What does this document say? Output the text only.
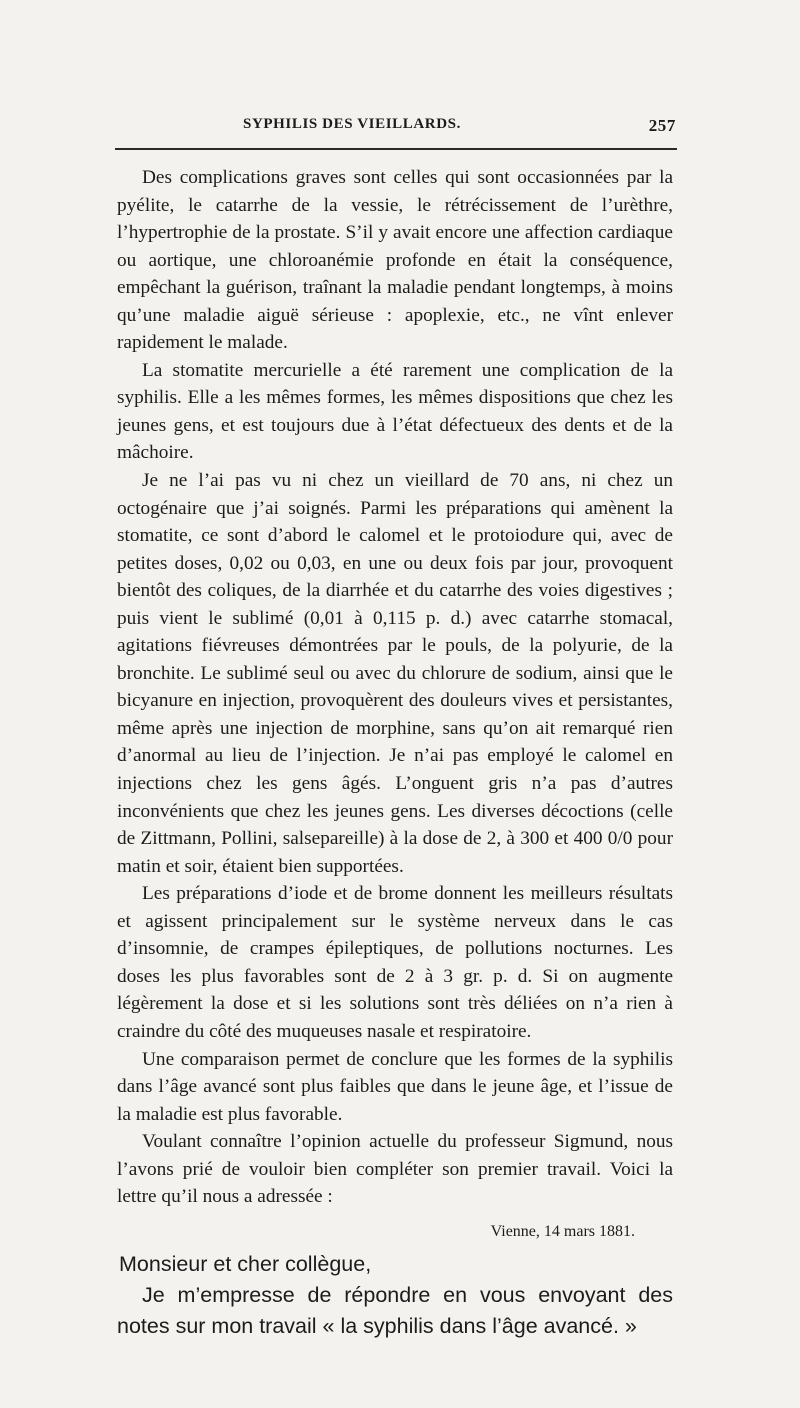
SYPHILIS DES VIEILLARDS.	257

Des complications graves sont celles qui sont occasionnées par la pyélite, le catarrhe de la vessie, le rétrécissement de l’urèthre, l’hypertrophie de la prostate. S’il y avait encore une affection cardiaque ou aortique, une chloroanémie profonde en était la conséquence, empêchant la guérison, traînant la maladie pendant longtemps, à moins qu’une maladie aiguë sérieuse : apoplexie, etc., ne vînt enlever rapidement le malade.

La stomatite mercurielle a été rarement une complication de la syphilis. Elle a les mêmes formes, les mêmes dispositions que chez les jeunes gens, et est toujours due à l’état défectueux des dents et de la mâchoire.

Je ne l’ai pas vu ni chez un vieillard de 70 ans, ni chez un octogénaire que j’ai soignés. Parmi les préparations qui amènent la stomatite, ce sont d’abord le calomel et le protoiodure qui, avec de petites doses, 0,02 ou 0,03, en une ou deux fois par jour, provoquent bientôt des coliques, de la diarrhée et du catarrhe des voies digestives ; puis vient le sublimé (0,01 à 0,115 p. d.) avec catarrhe stomacal, agitations fiévreuses démontrées par le pouls, de la polyurie, de la bronchite. Le sublimé seul ou avec du chlorure de sodium, ainsi que le bicyanure en injection, provoquèrent des douleurs vives et persistantes, même après une injection de morphine, sans qu’on ait remarqué rien d’anormal au lieu de l’injection. Je n’ai pas employé le calomel en injections chez les gens âgés. L’onguent gris n’a pas d’autres inconvénients que chez les jeunes gens. Les diverses décoctions (celle de Zittmann, Pollini, salsepareille) à la dose de 2, à 300 et 400 0/0 pour matin et soir, étaient bien supportées.

Les préparations d’iode et de brome donnent les meilleurs résultats et agissent principalement sur le système nerveux dans le cas d’insomnie, de crampes épileptiques, de pollutions nocturnes. Les doses les plus favorables sont de 2 à 3 gr. p. d. Si on augmente légèrement la dose et si les solutions sont très déliées on n’a rien à craindre du côté des muqueuses nasale et respiratoire.

Une comparaison permet de conclure que les formes de la syphilis dans l’âge avancé sont plus faibles que dans le jeune âge, et l’issue de la maladie est plus favorable.

Voulant connaître l’opinion actuelle du professeur Sigmund, nous l’avons prié de vouloir bien compléter son premier travail. Voici la lettre qu’il nous a adressée :

Vienne, 14 mars 1881.

Monsieur et cher collègue,

Je m’empresse de répondre en vous envoyant des notes sur mon travail « la syphilis dans l’âge avancé. »
